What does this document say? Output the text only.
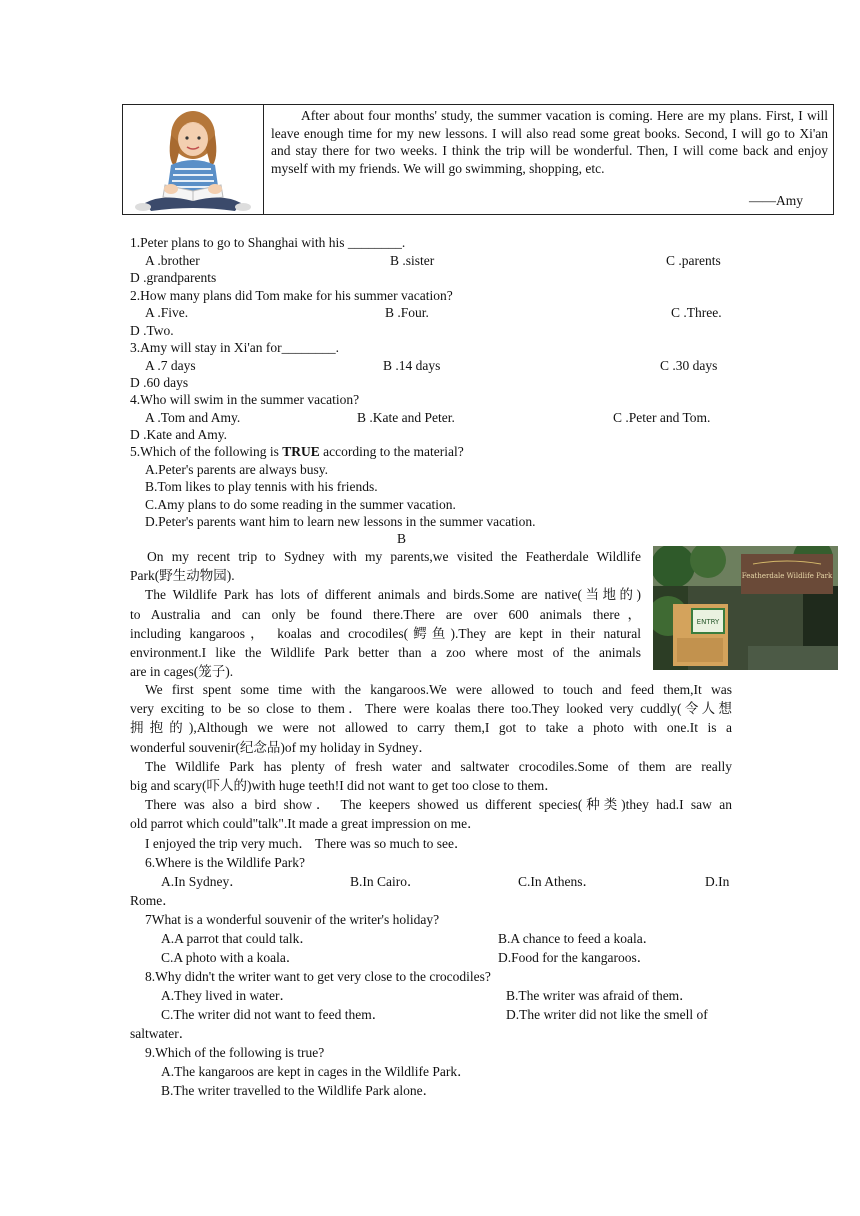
After about four months' study, the summer vacation is coming. Here are my plans. First, I will leave enough time for my new lessons. I will also read some great books. Second, I will go to Xi'an and stay there for two weeks. I think the trip will be wonderful. Then, I will come back and enjoy myself with my friends. We will go swimming, shopping, etc.

——Amy
1.Peter plans to go to Shanghai with his ________.
A .brother	B .sister	C .parents
D .grandparents
2.How many plans did Tom make for his summer vacation?
A .Five.	B .Four.	C .Three.
D .Two.
3.Amy will stay in Xi'an for________.
A .7 days	B .14 days	C .30 days
D .60 days
4.Who will swim in the summer vacation?
A .Tom and Amy.	B .Kate and Peter.	C .Peter and Tom.
D .Kate and Amy.
5.Which of the following is TRUE according to the material?
A.Peter's parents are always busy.
B.Tom likes to play tennis with his friends.
C.Amy plans to do some reading in the summer vacation.
D.Peter's parents want him to learn new lessons in the summer vacation.
B
On my recent trip to Sydney with my parents,we visited the Featherdale Wildlife
Park(野生动物园).
The Wildlife Park has lots of different animals and birds.Some are native(当地的)
to Australia and can only be found there.There are over 600 animals there，
including kangaroos， koalas and crocodiles(鳄鱼).They are kept in their natural
environment.I like the Wildlife Park better than a zoo where most of the animals
are in cages(笼子).
We first spent some time with the kangaroos.We were allowed to touch and feed them,It was
very exciting to be so close to them．There were koalas there too.They looked very cuddly(令人想
拥抱的),Although we were not allowed to carry them,I got to take a photo with one.It is a
wonderful souvenir(纪念品)of my holiday in Sydney．
The Wildlife Park has plenty of fresh water and saltwater crocodiles.Some of them are really
big and scary(吓人的)with huge teeth!I did not want to get too close to them．
There was also a bird show． The keepers showed us different species(种类)they had.I saw an
old parrot which could"talk".It made a great impression on me．
I enjoyed the trip very much． There was so much to see．
Featherdale Wildlife Park
ENTRY
6.Where is the Wildlife Park?
A.In Sydney．	B.In Cairo．	C.In Athens．	D.In
Rome．
7What is a wonderful souvenir of the writer's holiday?
A.A parrot that could talk．	B.A chance to feed a koala．
C.A photo with a koala．	D.Food for the kangaroos．
8.Why didn't the writer want to get very close to the crocodiles?
A.They lived in water．	B.The writer was afraid of them．
C.The writer did not want to feed them．	D.The writer did not like the smell of
saltwater．
9.Which of the following is true?
A.The kangaroos are kept in cages in the Wildlife Park．
B.The writer travelled to the Wildlife Park alone．
